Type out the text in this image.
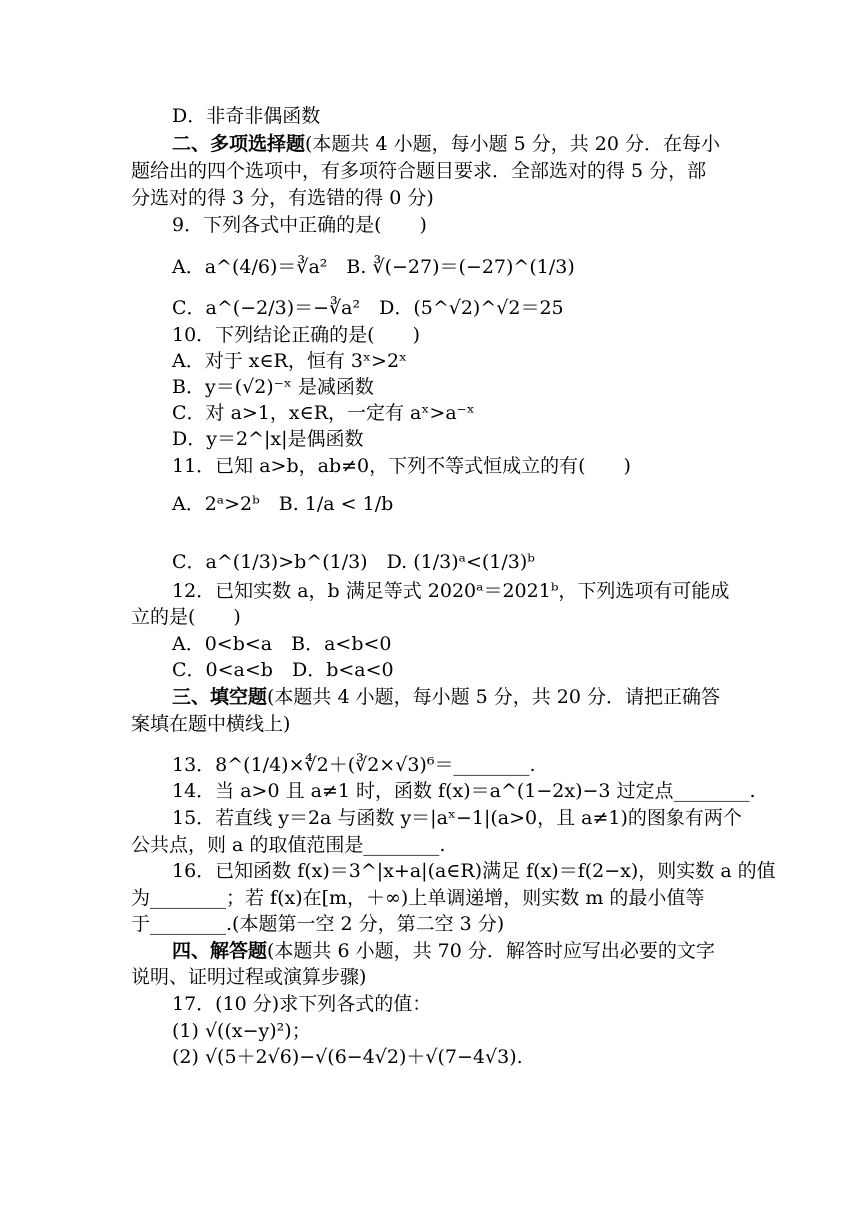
D．非奇非偶函数
二、多项选择题(本题共 4 小题，每小题 5 分，共 20 分．在每小
题给出的四个选项中，有多项符合题目要求．全部选对的得 5 分，部
分选对的得 3 分，有选错的得 0 分)
9．下列各式中正确的是(　　)
A．a^(4/6)＝∛a²　B. ∛(−27)＝(−27)^(1/3)
C．a^(−2/3)＝−∛a²　D．(5^√2)^√2＝25
10．下列结论正确的是(　　)
A．对于 x∈R，恒有 3ˣ>2ˣ
B．y＝(√2)⁻ˣ 是减函数
C．对 a>1，x∈R，一定有 aˣ>a⁻ˣ
D．y＝2^|x|是偶函数
11．已知 a>b，ab≠0，下列不等式恒成立的有(　　)
A．2ᵃ>2ᵇ　B. 1/a < 1/b
C．a^(1/3)>b^(1/3)　D. (1/3)ᵃ<(1/3)ᵇ
12．已知实数 a，b 满足等式 2020ᵃ＝2021ᵇ，下列选项有可能成
立的是(　　)
A．0<b<a　B．a<b<0
C．0<a<b　D．b<a<0
三、填空题(本题共 4 小题，每小题 5 分，共 20 分．请把正确答
案填在题中横线上)
13．8^(1/4)×∜2＋(∛2×√3)⁶＝________.
14．当 a>0 且 a≠1 时，函数 f(x)＝a^(1−2x)−3 过定点________.
15．若直线 y＝2a 与函数 y＝|aˣ−1|(a>0，且 a≠1)的图象有两个
公共点，则 a 的取值范围是________.
16．已知函数 f(x)＝3^|x+a|(a∈R)满足 f(x)＝f(2−x)，则实数 a 的值
为________；若 f(x)在[m，＋∞)上单调递增，则实数 m 的最小值等
于________.(本题第一空 2 分，第二空 3 分)
四、解答题(本题共 6 小题，共 70 分．解答时应写出必要的文字
说明、证明过程或演算步骤)
17．(10 分)求下列各式的值：
(1) √((x−y)²)；
(2) √(5＋2√6)−√(6−4√2)＋√(7−4√3).
